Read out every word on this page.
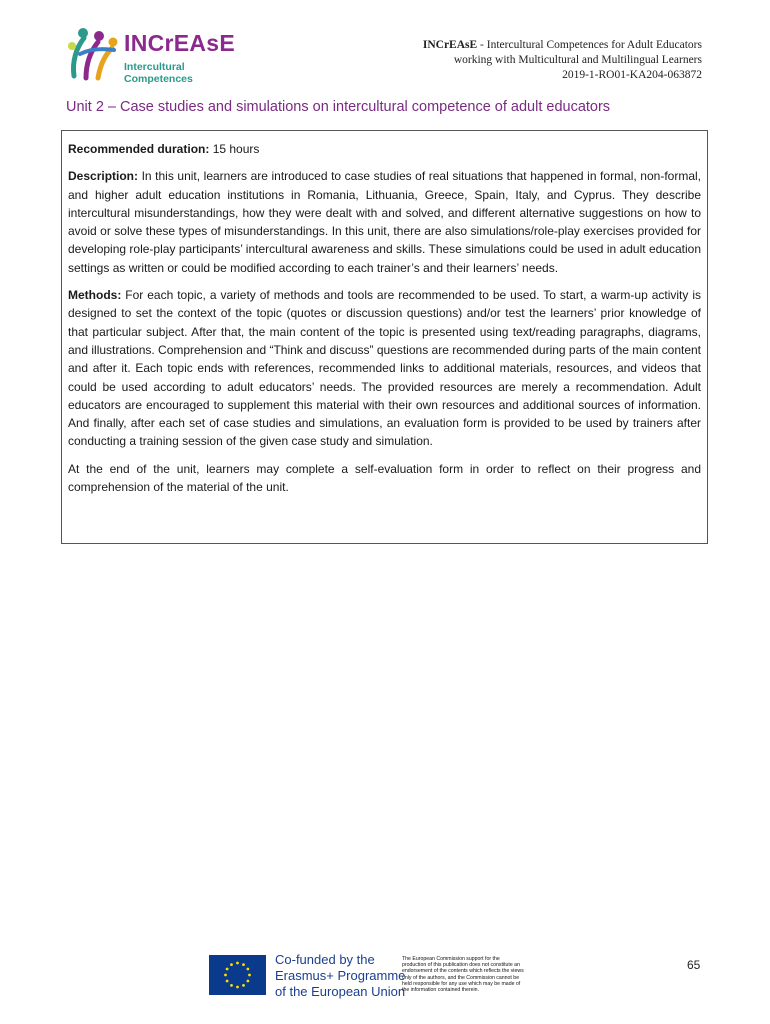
INCrEAsE
Intercultural Competences
INCrEAsE - Intercultural Competences for Adult Educators
working with Multicultural and Multilingual Learners
2019-1-RO01-KA204-063872
Unit 2 – Case studies and simulations on intercultural competence of adult educators

Recommended duration: 15 hours

Description: In this unit, learners are introduced to case studies of real situations that happened in formal, non-formal, and higher adult education institutions in Romania, Lithuania, Greece, Spain, Italy, and Cyprus. They describe intercultural misunderstandings, how they were dealt with and solved, and different alternative suggestions on how to avoid or solve these types of misunderstandings. In this unit, there are also simulations/role-play exercises provided for developing role-play participants’ intercultural awareness and skills. These simulations could be used in adult education settings as written or could be modified according to each trainer’s and their learners’ needs.

Methods: For each topic, a variety of methods and tools are recommended to be used. To start, a warm-up activity is designed to set the context of the topic (quotes or discussion questions) and/or test the learners’ prior knowledge of that particular subject. After that, the main content of the topic is presented using text/reading paragraphs, diagrams, and illustrations. Comprehension and “Think and discuss” questions are recommended during parts of the main content and after it. Each topic ends with references, recommended links to additional materials, resources, and videos that could be used according to adult educators’ needs. The provided resources are merely a recommendation. Adult educators are encouraged to supplement this material with their own resources and additional sources of information. And finally, after each set of case studies and simulations, an evaluation form is provided to be used by trainers after conducting a training session of the given case study and simulation.

At the end of the unit, learners may complete a self-evaluation form in order to reflect on their progress and comprehension of the material of the unit.

Co-funded by the
Erasmus+ Programme
of the European Union
The European Commission support for the production of this publication does not constitute an endorsement of the contents which reflects the views only of the authors, and the Commission cannot be held responsible for any use which may be made of the information contained therein.
65
